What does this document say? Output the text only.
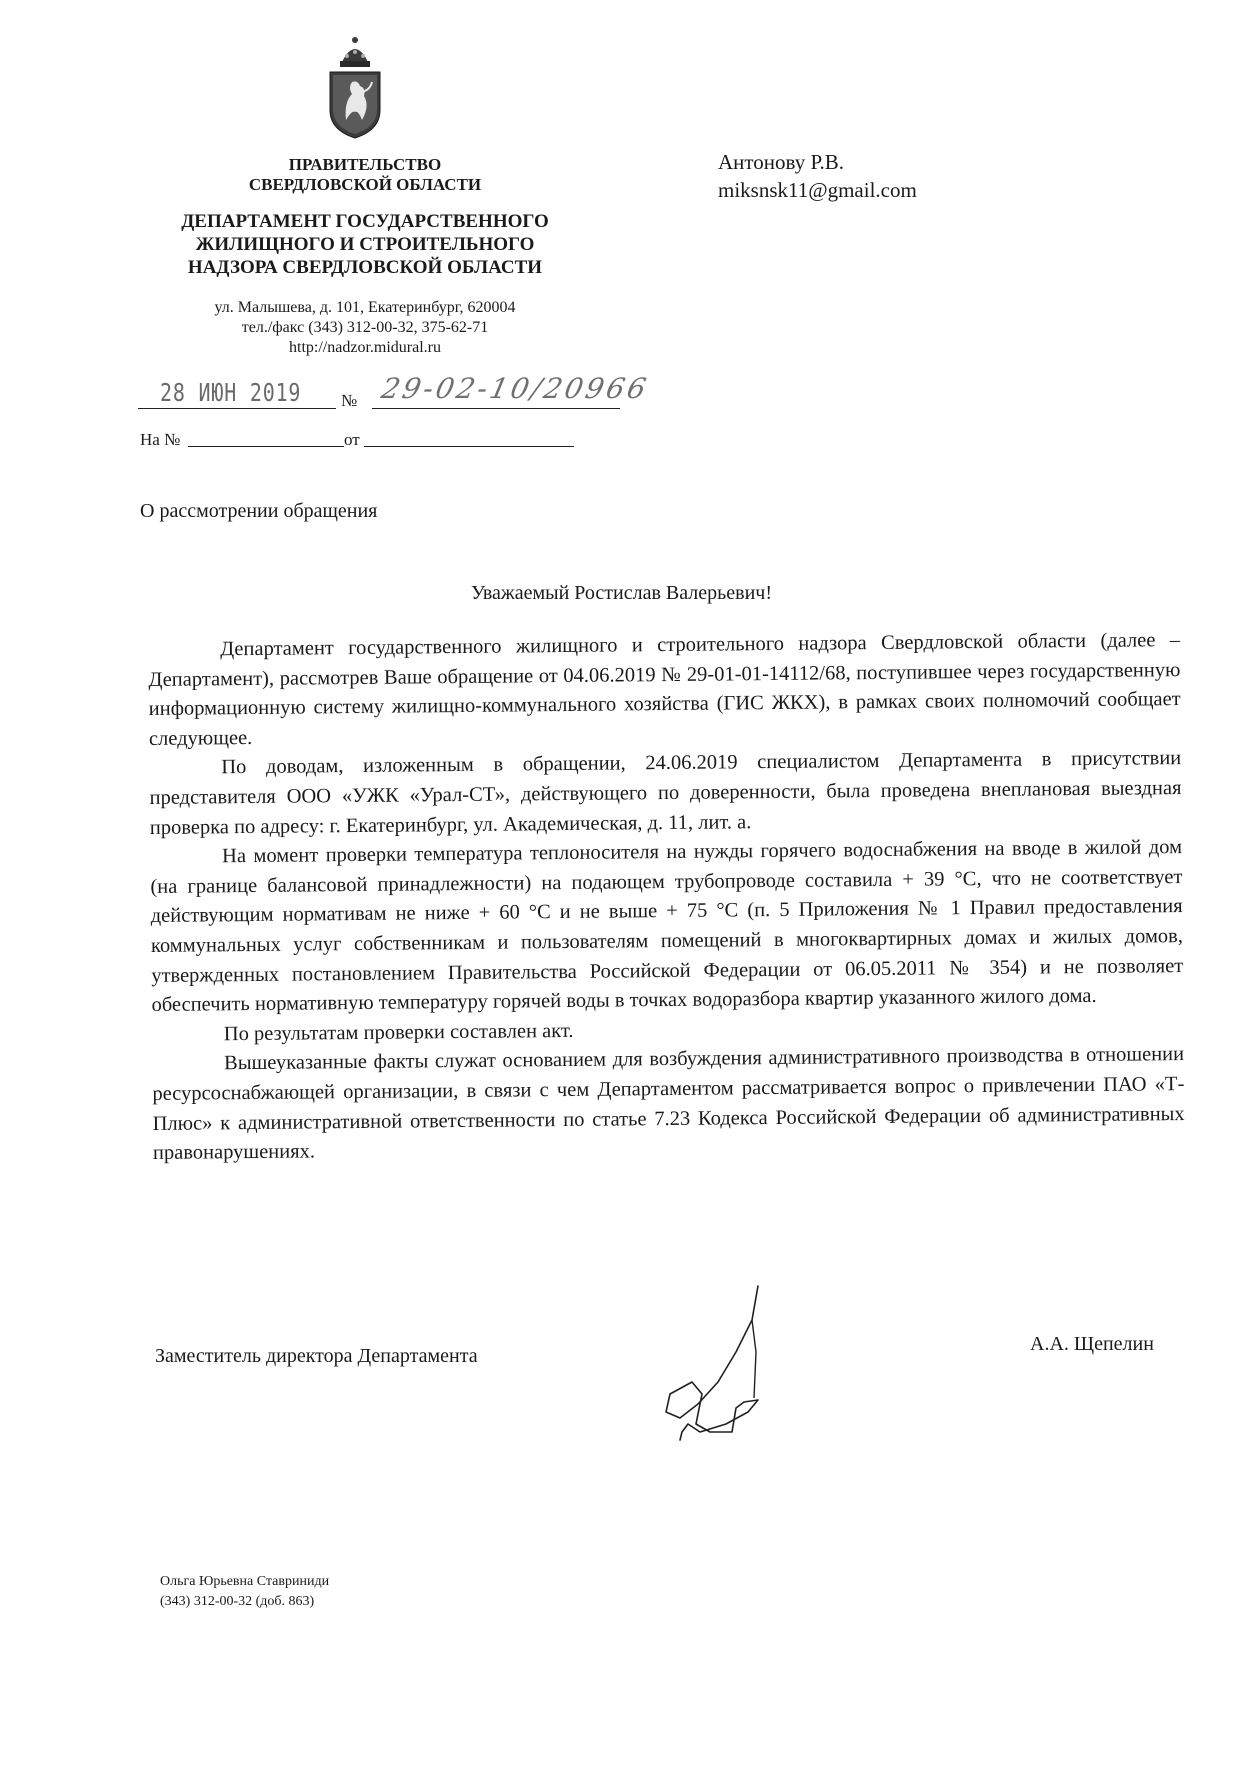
ПРАВИТЕЛЬСТВО
СВЕРДЛОВСКОЙ ОБЛАСТИ
ДЕПАРТАМЕНТ ГОСУДАРСТВЕННОГО
ЖИЛИЩНОГО И СТРОИТЕЛЬНОГО
НАДЗОРА СВЕРДЛОВСКОЙ ОБЛАСТИ
ул. Малышева, д. 101, Екатеринбург, 620004
тел./факс (343) 312-00-32, 375-62-71
http://nadzor.midural.ru
28 ИЮН 2019 № 29-02-10/20966
На №	от
Антонову Р.В.
miksnsk11@gmail.com
О рассмотрении обращения
Уважаемый Ростислав Валерьевич!

Департамент государственного жилищного и строительного надзора Свердловской области (далее – Департамент), рассмотрев Ваше обращение от 04.06.2019 № 29-01-01-14112/68, поступившее через государственную информационную систему жилищно-коммунального хозяйства (ГИС ЖКХ), в рамках своих полномочий сообщает следующее.

По доводам, изложенным в обращении, 24.06.2019 специалистом Департамента в присутствии представителя ООО «УЖК «Урал-СТ», действующего по доверенности, была проведена внеплановая выездная проверка по адресу: г. Екатеринбург, ул. Академическая, д. 11, лит. а.

На момент проверки температура теплоносителя на нужды горячего водоснабжения на вводе в жилой дом (на границе балансовой принадлежности) на подающем трубопроводе составила + 39 °С, что не соответствует действующим нормативам не ниже + 60 °С и не выше + 75 °С (п. 5 Приложения № 1 Правил предоставления коммунальных услуг собственникам и пользователям помещений в многоквартирных домах и жилых домов, утвержденных постановлением Правительства Российской Федерации от 06.05.2011 № 354) и не позволяет обеспечить нормативную температуру горячей воды в точках водоразбора квартир указанного жилого дома.

По результатам проверки составлен акт.

Вышеуказанные факты служат основанием для возбуждения административного производства в отношении ресурсоснабжающей организации, в связи с чем Департаментом рассматривается вопрос о привлечении ПАО «Т-Плюс» к административной ответственности по статье 7.23 Кодекса Российской Федерации об административных правонарушениях.

Заместитель директора Департамента
А.А. Щепелин
Ольга Юрьевна Ставриниди
(343) 312-00-32 (доб. 863)
